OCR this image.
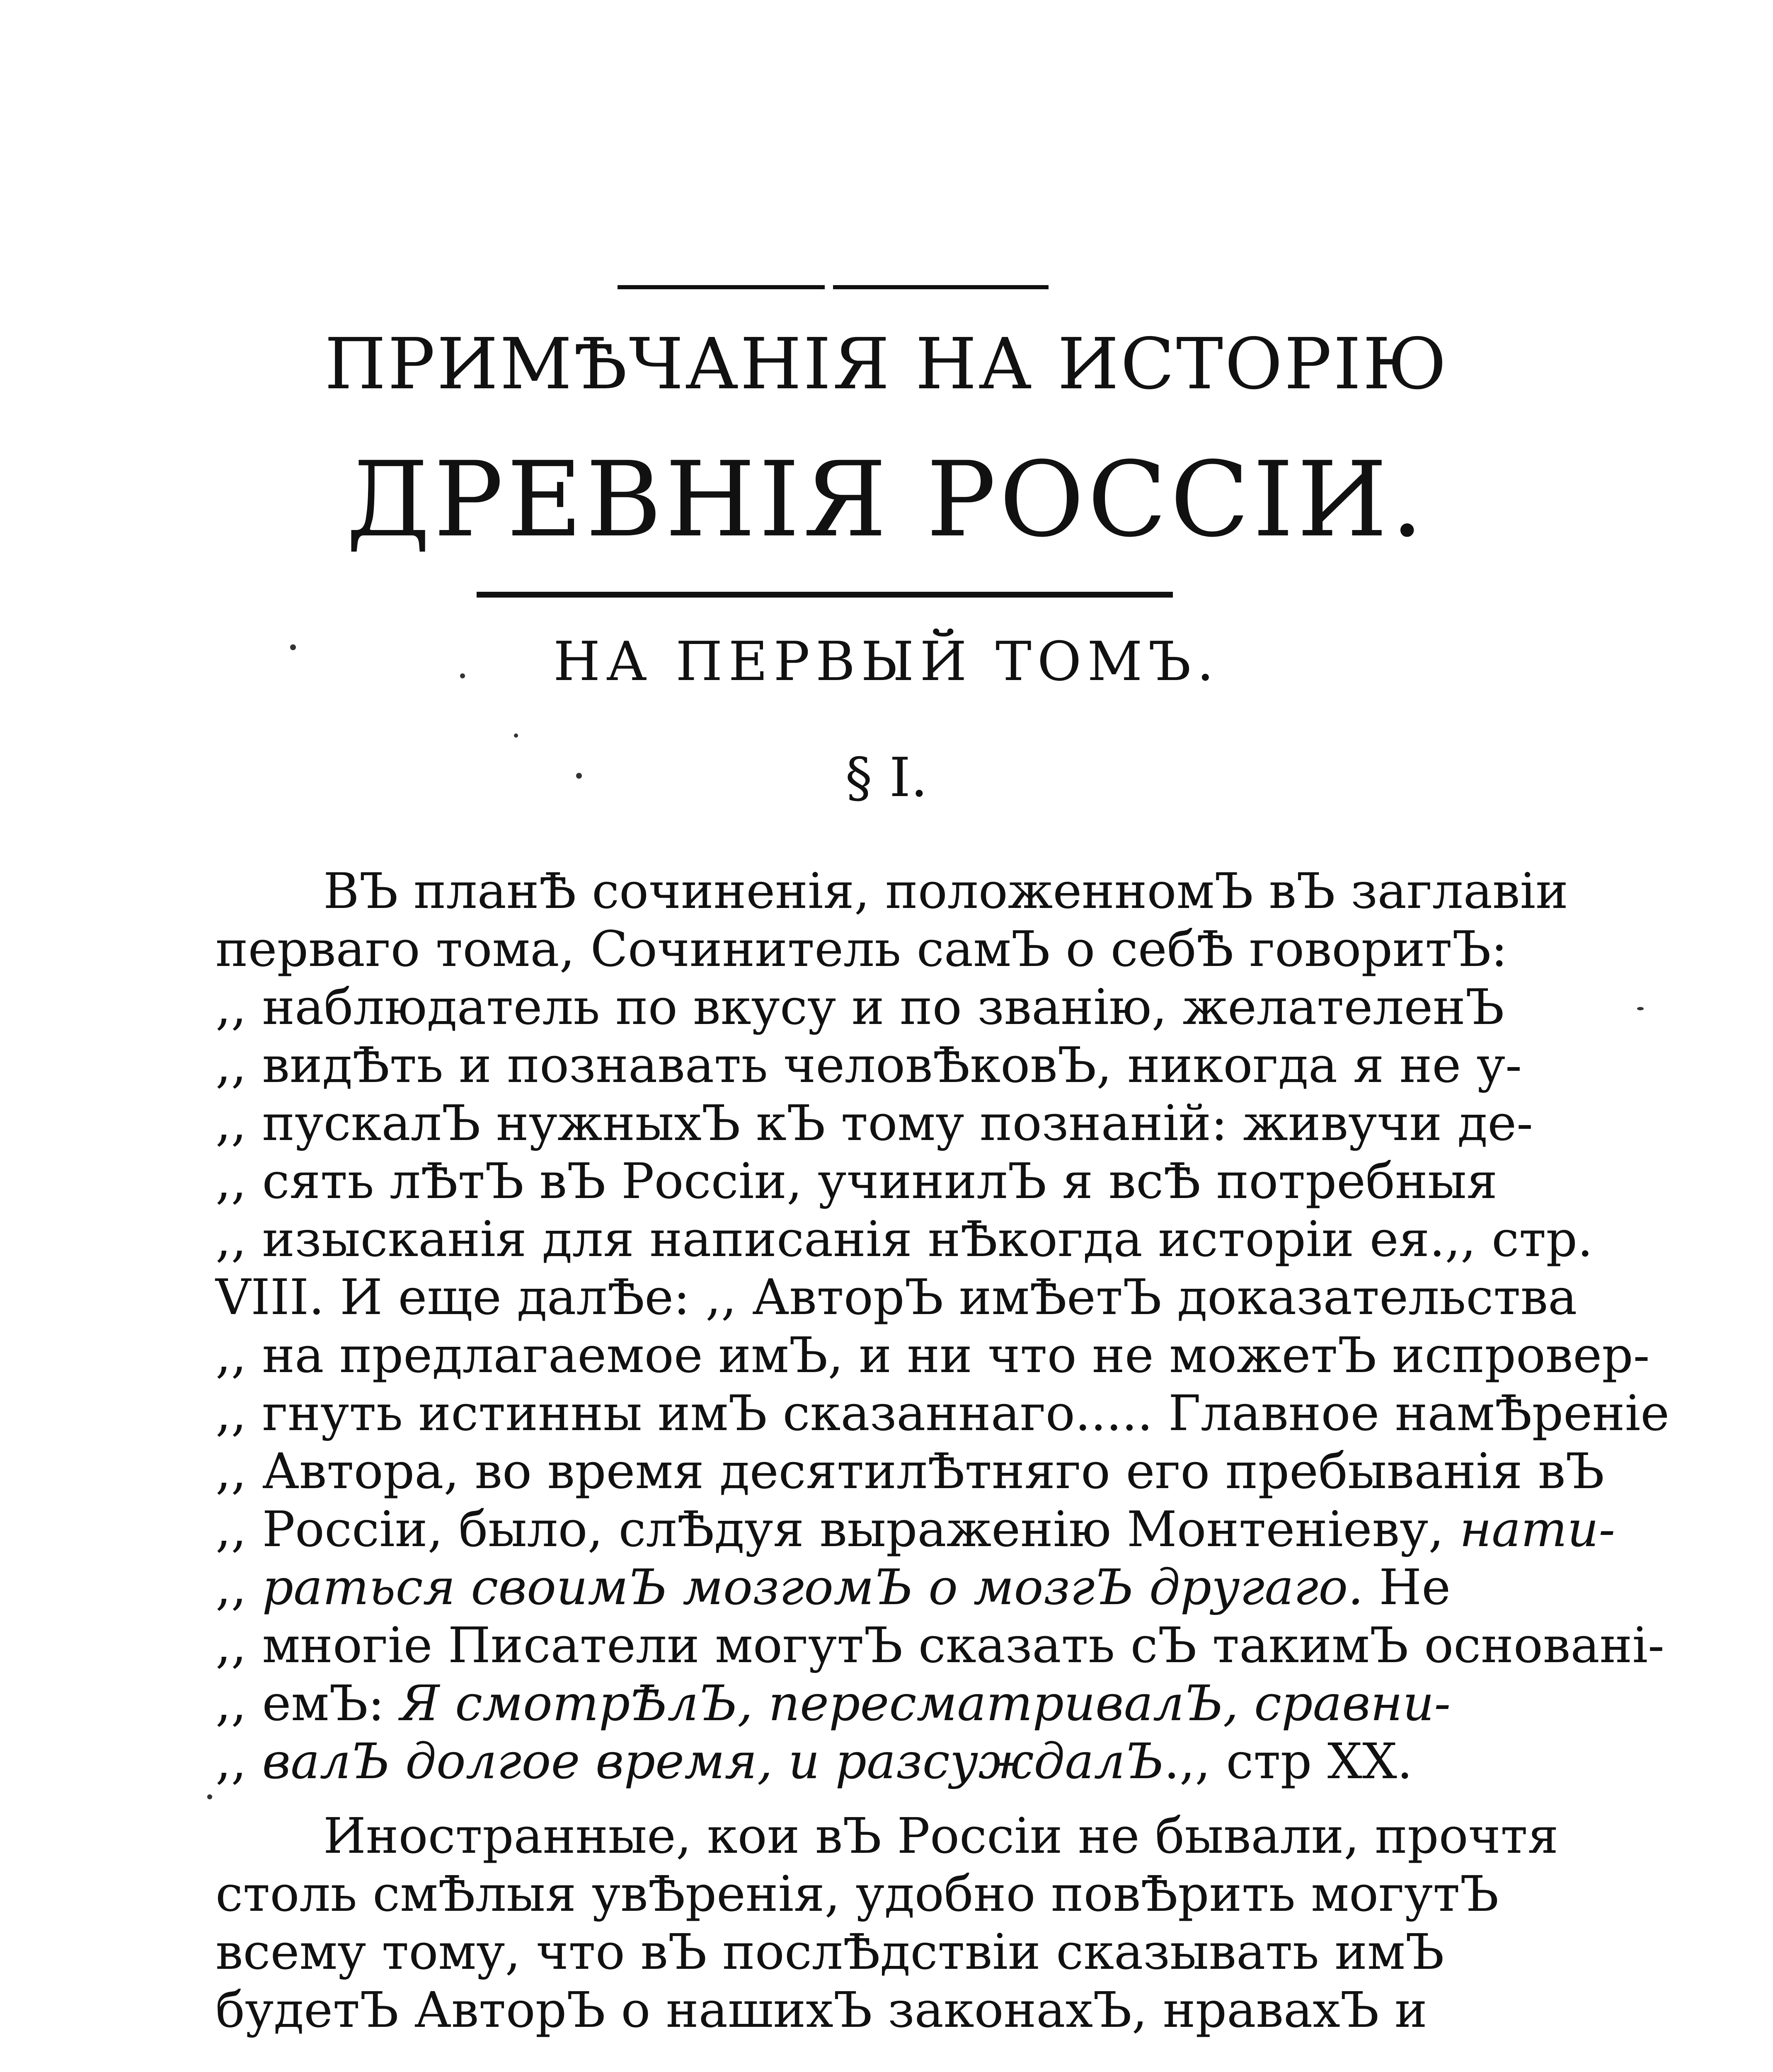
ПРИМѢЧАНІЯ НА ИСТОРІЮ
ДРЕВНІЯ РОССІИ.
НА ПЕРВЫЙ ТОМЪ.
§ I.
ВЪ планѢ сочиненія, положенномЪ вЪ заглавіи
перваго тома, Сочинитель самЪ о себѢ говоритЪ:
,, наблюдатель по вкусу и по званію, желателенЪ
,, видѢть и познавать человѢковЪ, никогда я не у-
,, пускалЪ нужныхЪ кЪ тому познаній: живучи де-
,, сять лѢтЪ вЪ Россіи, учинилЪ я всѢ потребныя
,, изысканія для написанія нѢкогда исторіи ея.,, стр.
VIII. И еще далѢе: ,, АвторЪ имѢетЪ доказательства
,, на предлагаемое имЪ, и ни что не можетЪ испровер-
,, гнуть истинны имЪ сказаннаго..... Главное намѢреніе
,, Автора, во время десятилѢтняго его пребыванія вЪ
,, Россіи, было, слѢдуя выраженію Монтеніеву, нати-
,, раться своимЪ мозгомЪ о мозгЪ другаго. Не
,, многіе Писатели могутЪ сказать сЪ такимЪ основані-
,, емЪ: Я смотрѢлЪ, пересматривалЪ, сравни-
,, валЪ долгое время, и разсуждалЪ.,, стр XX.
Иностранные, кои вЪ Россіи не бывали, прочтя
столь смѢлыя увѢренія, удобно повѢрить могутЪ
всему тому, что вЪ послѢдствіи сказывать имЪ
будетЪ АвторЪ о нашихЪ законахЪ, нравахЪ и
